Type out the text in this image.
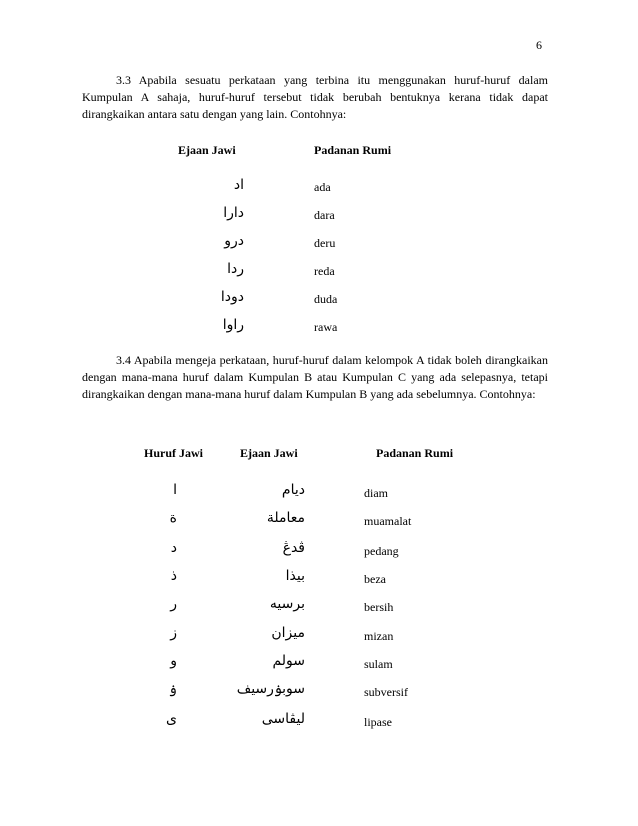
6

3.3 Apabila sesuatu perkataan yang terbina itu menggunakan huruf-huruf dalam Kumpulan A sahaja, huruf-huruf tersebut tidak berubah bentuknya kerana tidak dapat dirangkaikan antara satu dengan yang lain. Contohnya:

Ejaan Jawi	Padanan Rumi
اد	ada
دارا	dara
درو	deru
ردا	reda
دودا	duda
راوا	rawa

3.4 Apabila mengeja perkataan, huruf-huruf dalam kelompok A tidak boleh dirangkaikan dengan mana-mana huruf dalam Kumpulan B atau Kumpulan C yang ada selepasnya, tetapi dirangkaikan dengan mana-mana huruf dalam Kumpulan B yang ada sebelumnya. Contohnya:

Huruf Jawi	Ejaan Jawi	Padanan Rumi
ا	ديام	diam
ة	معاملة	muamalat
د	ڤدڠ	pedang
ذ	بيذا	beza
ر	برسيه	bersih
ز	ميزان	mizan
و	سولم	sulam
ۏ	سوبۏرسيف	subversif
ى	ليڤاسى	lipase
